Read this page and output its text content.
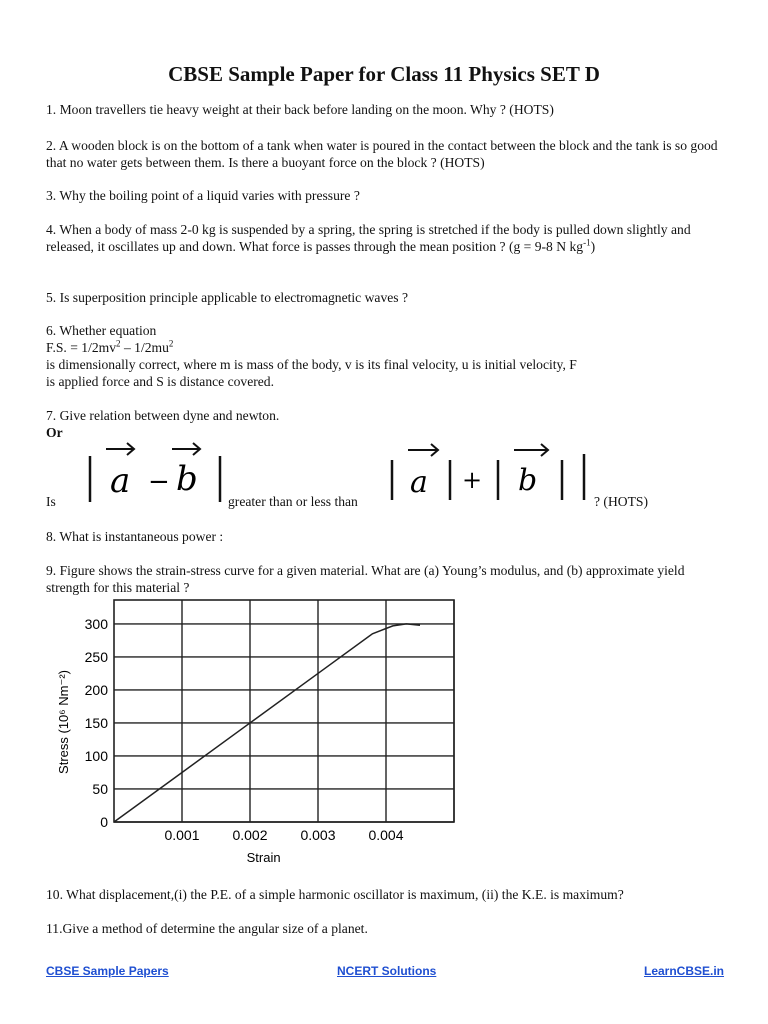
CBSE Sample Paper for Class 11 Physics SET D
1. Moon travellers tie heavy weight at their back before landing on the moon. Why ? (HOTS)
2. A wooden block is on the bottom of a tank when water is poured in the contact between the block and the tank is so good that no water gets between them. Is there a buoyant force on the block ? (HOTS)
3. Why the boiling point of a liquid varies with pressure ?
4. When a body of mass 2-0 kg is suspended by a spring, the spring is stretched if the body is pulled down slightly and released, it oscillates up and down. What force is passes through the mean position ? (g = 9-8 N $kg^{-1}$)
5. Is superposition principle applicable to electromagnetic waves ?
6. Whether equation
F.S. = $1/2mv^2 - 1/2mu^2$
is dimensionally correct, where m is mass of the body, v is its final velocity, u is initial velocity, F
is applied force and S is distance covered.
7. Give relation between dyne and newton.
Or
a − b	a + b
Is	greater than or less than	? (HOTS)
8. What is instantaneous power :
9. Figure shows the strain-stress curve for a given material. What are (a) Young’s modulus, and (b) approximate yield strength for this material ?
0
50
100
150
200
250
300
0.001 0.002 0.003 0.004
Strain
Stress (10⁶ Nm⁻²)
10. What displacement,(i) the P.E. of a simple harmonic oscillator is maximum, (ii) the K.E. is maximum?
11.Give a method of determine the angular size of a planet.
CBSE Sample Papers	NCERT Solutions	LearnCBSE.in
